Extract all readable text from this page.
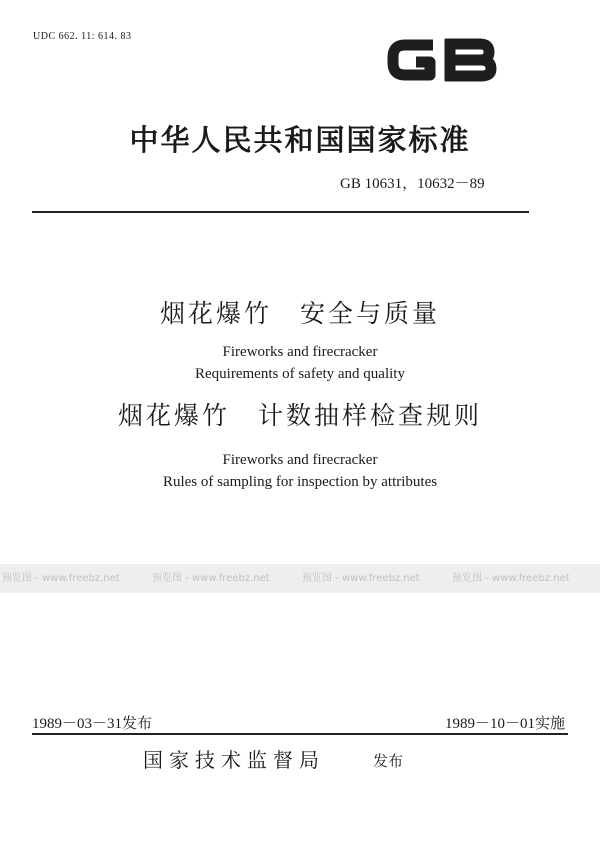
UDC 662. 11: 614. 83
中华人民共和国国家标准
GB 10631，10632－89
烟花爆竹　安全与质量
Fireworks and firecracker
Requirements of safety and quality
烟花爆竹　计数抽样检查规则
Fireworks and firecracker
Rules of sampling for inspection by attributes
预览图 - www.freebz.net	预览图 - www.freebz.net	预览图 - www.freebz.net	预览图 - www.freebz.net
1989－03－31发布	1989－10－01实施
国家技术监督局	发布
